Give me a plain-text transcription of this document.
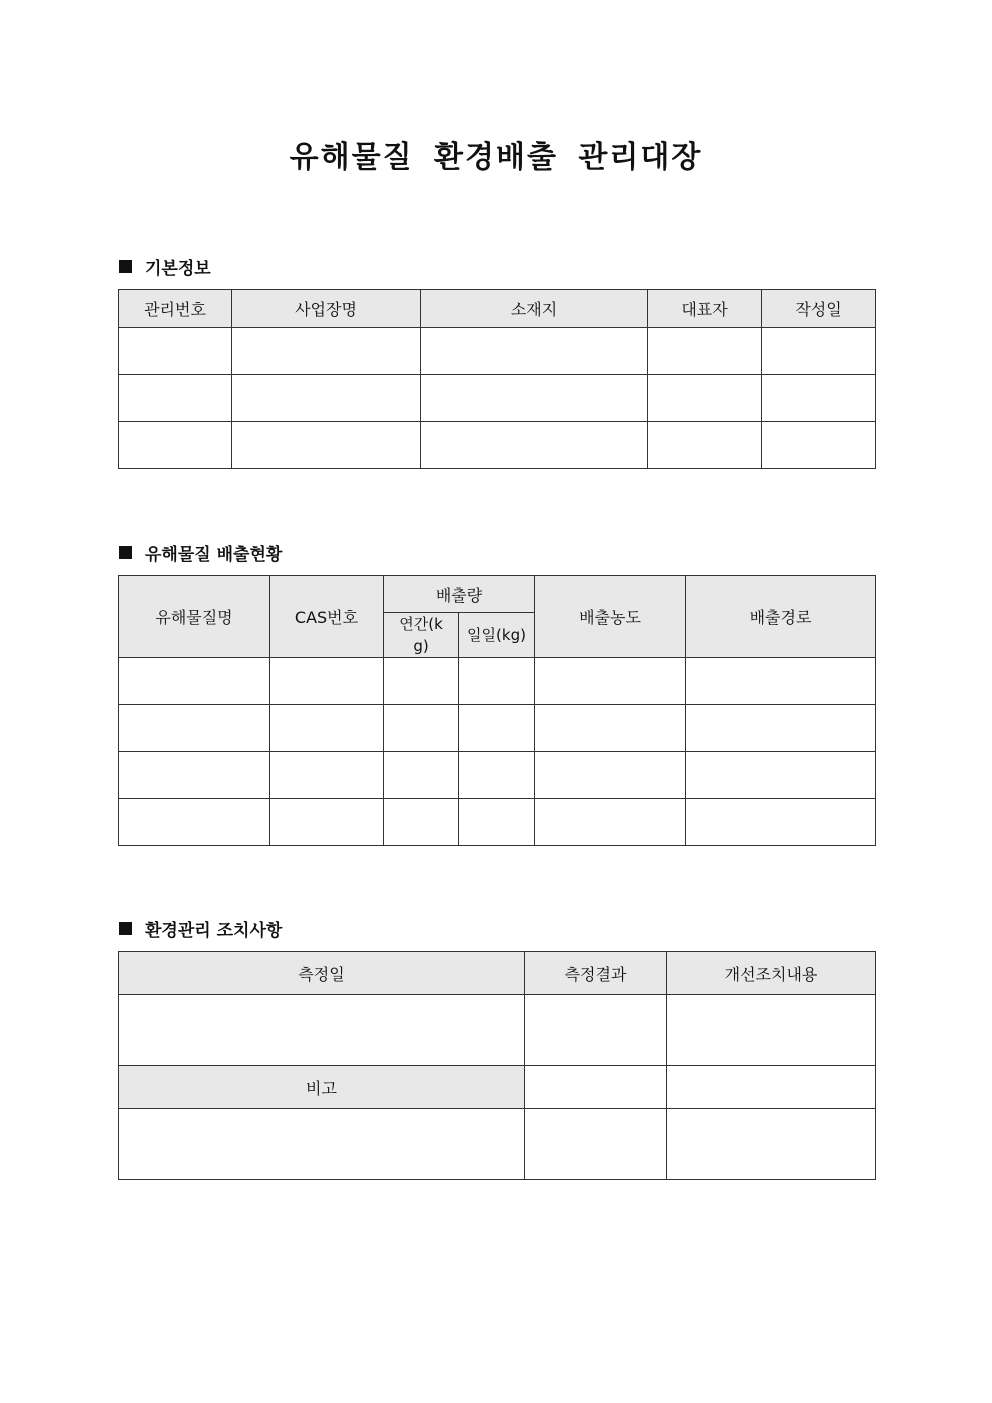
유해물질 환경배출 관리대장
기본정보
관리번호	사업장명	소재지	대표자	작성일

유해물질 배출현황
유해물질명	CAS번호	배출량		배출농도	배출경로
		연간(kg)	일일(kg)		

환경관리 조치사항
측정일	측정결과	개선조치내용

비고		
